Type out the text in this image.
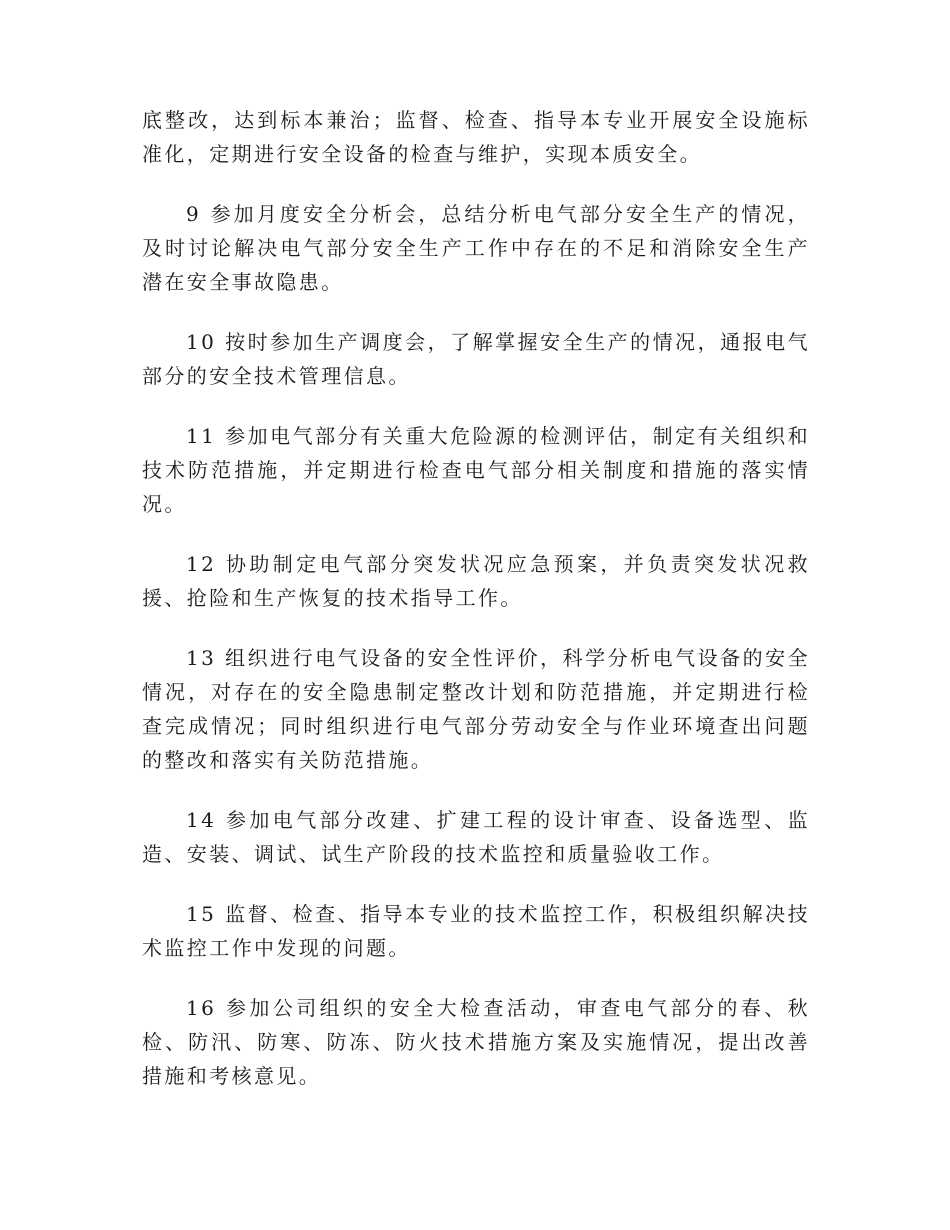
底整改，达到标本兼治；监督、检查、指导本专业开展安全设施标准化，定期进行安全设备的检查与维护，实现本质安全。

9 参加月度安全分析会，总结分析电气部分安全生产的情况，及时讨论解决电气部分安全生产工作中存在的不足和消除安全生产潜在安全事故隐患。

10 按时参加生产调度会，了解掌握安全生产的情况，通报电气部分的安全技术管理信息。

11 参加电气部分有关重大危险源的检测评估，制定有关组织和技术防范措施，并定期进行检查电气部分相关制度和措施的落实情况。

12 协助制定电气部分突发状况应急预案，并负责突发状况救援、抢险和生产恢复的技术指导工作。

13 组织进行电气设备的安全性评价，科学分析电气设备的安全情况，对存在的安全隐患制定整改计划和防范措施，并定期进行检查完成情况；同时组织进行电气部分劳动安全与作业环境查出问题的整改和落实有关防范措施。

14 参加电气部分改建、扩建工程的设计审查、设备选型、监造、安装、调试、试生产阶段的技术监控和质量验收工作。

15 监督、检查、指导本专业的技术监控工作，积极组织解决技术监控工作中发现的问题。

16 参加公司组织的安全大检查活动，审查电气部分的春、秋检、防汛、防寒、防冻、防火技术措施方案及实施情况，提出改善措施和考核意见。
